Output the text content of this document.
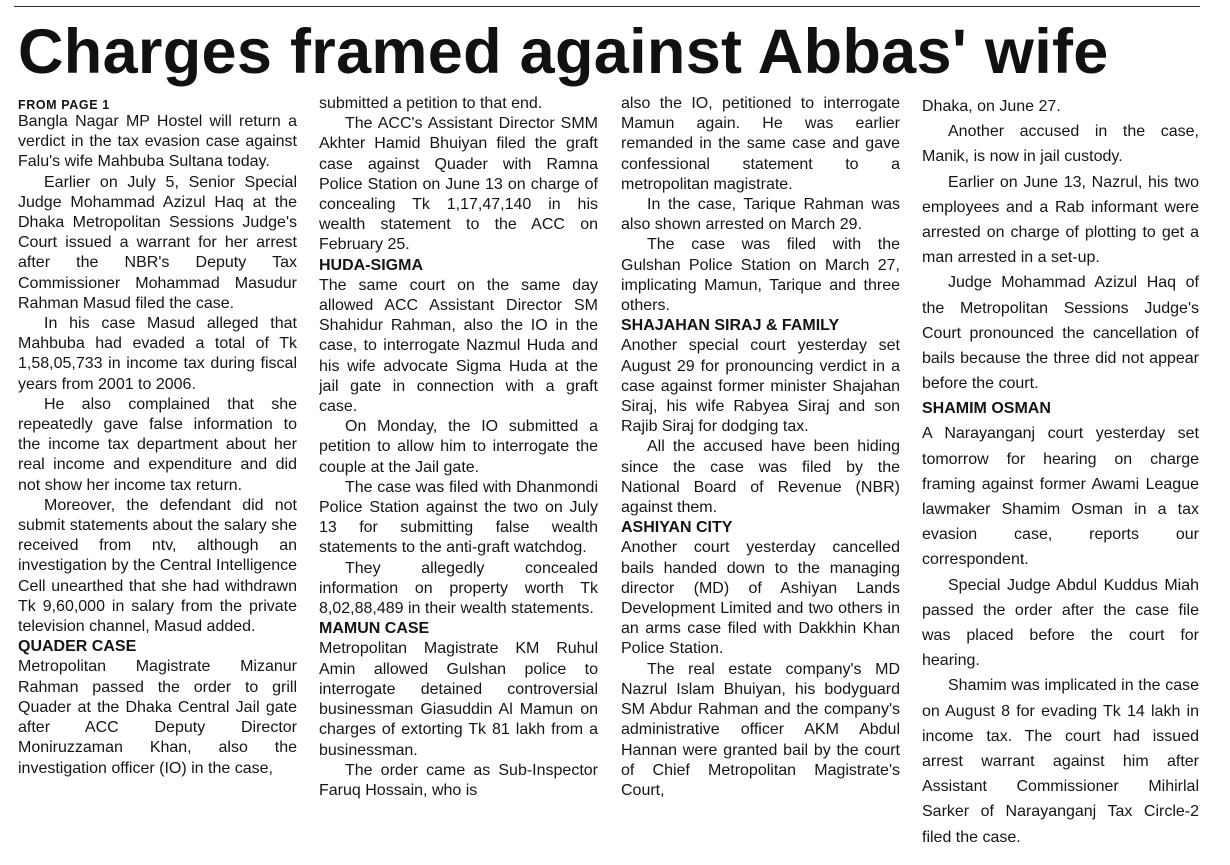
Charges framed against Abbas' wife

FROM PAGE 1

Bangla Nagar MP Hostel will return a verdict in the tax evasion case against Falu's wife Mahbuba Sultana today.

Earlier on July 5, Senior Special Judge Mohammad Azizul Haq at the Dhaka Metropolitan Sessions Judge's Court issued a warrant for her arrest after the NBR's Deputy Tax Commissioner Mohammad Masudur Rahman Masud filed the case.

In his case Masud alleged that Mahbuba had evaded a total of Tk 1,58,05,733 in income tax during fiscal years from 2001 to 2006.

He also complained that she repeatedly gave false information to the income tax department about her real income and expenditure and did not show her income tax return.

Moreover, the defendant did not submit statements about the salary she received from ntv, although an investigation by the Central Intelligence Cell unearthed that she had withdrawn Tk 9,60,000 in salary from the private television channel, Masud added.

QUADER CASE

Metropolitan Magistrate Mizanur Rahman passed the order to grill Quader at the Dhaka Central Jail gate after ACC Deputy Director Moniruzzaman Khan, also the investigation officer (IO) in the case,

submitted a petition to that end.

The ACC's Assistant Director SMM Akhter Hamid Bhuiyan filed the graft case against Quader with Ramna Police Station on June 13 on charge of concealing Tk 1,17,47,140 in his wealth statement to the ACC on February 25.

HUDA-SIGMA

The same court on the same day allowed ACC Assistant Director SM Shahidur Rahman, also the IO in the case, to interrogate Nazmul Huda and his wife advocate Sigma Huda at the jail gate in connection with a graft case.

On Monday, the IO submitted a petition to allow him to interrogate the couple at the Jail gate.

The case was filed with Dhanmondi Police Station against the two on July 13 for submitting false wealth statements to the anti-graft watchdog.

They allegedly concealed information on property worth Tk 8,02,88,489 in their wealth statements.

MAMUN CASE

Metropolitan Magistrate KM Ruhul Amin allowed Gulshan police to interrogate detained controversial businessman Giasuddin Al Mamun on charges of extorting Tk 81 lakh from a businessman.

The order came as Sub-Inspector Faruq Hossain, who is

also the IO, petitioned to interrogate Mamun again. He was earlier remanded in the same case and gave confessional statement to a metropolitan magistrate.

In the case, Tarique Rahman was also shown arrested on March 29.

The case was filed with the Gulshan Police Station on March 27, implicating Mamun, Tarique and three others.

SHAJAHAN SIRAJ & FAMILY

Another special court yesterday set August 29 for pronouncing verdict in a case against former minister Shajahan Siraj, his wife Rabyea Siraj and son Rajib Siraj for dodging tax.

All the accused have been hiding since the case was filed by the National Board of Revenue (NBR) against them.

ASHIYAN CITY

Another court yesterday cancelled bails handed down to the managing director (MD) of Ashiyan Lands Development Limited and two others in an arms case filed with Dakkhin Khan Police Station.

The real estate company's MD Nazrul Islam Bhuiyan, his bodyguard SM Abdur Rahman and the company's administrative officer AKM Abdul Hannan were granted bail by the court of Chief Metropolitan Magistrate's Court,

Dhaka, on June 27.

Another accused in the case, Manik, is now in jail custody.

Earlier on June 13, Nazrul, his two employees and a Rab informant were arrested on charge of plotting to get a man arrested in a set-up.

Judge Mohammad Azizul Haq of the Metropolitan Sessions Judge's Court pronounced the cancellation of bails because the three did not appear before the court.

SHAMIM OSMAN

A Narayanganj court yesterday set tomorrow for hearing on charge framing against former Awami League lawmaker Shamim Osman in a tax evasion case, reports our correspondent.

Special Judge Abdul Kuddus Miah passed the order after the case file was placed before the court for hearing.

Shamim was implicated in the case on August 8 for evading Tk 14 lakh in income tax. The court had issued arrest warrant against him after Assistant Commissioner Mihirlal Sarker of Narayanganj Tax Circle-2 filed the case.
